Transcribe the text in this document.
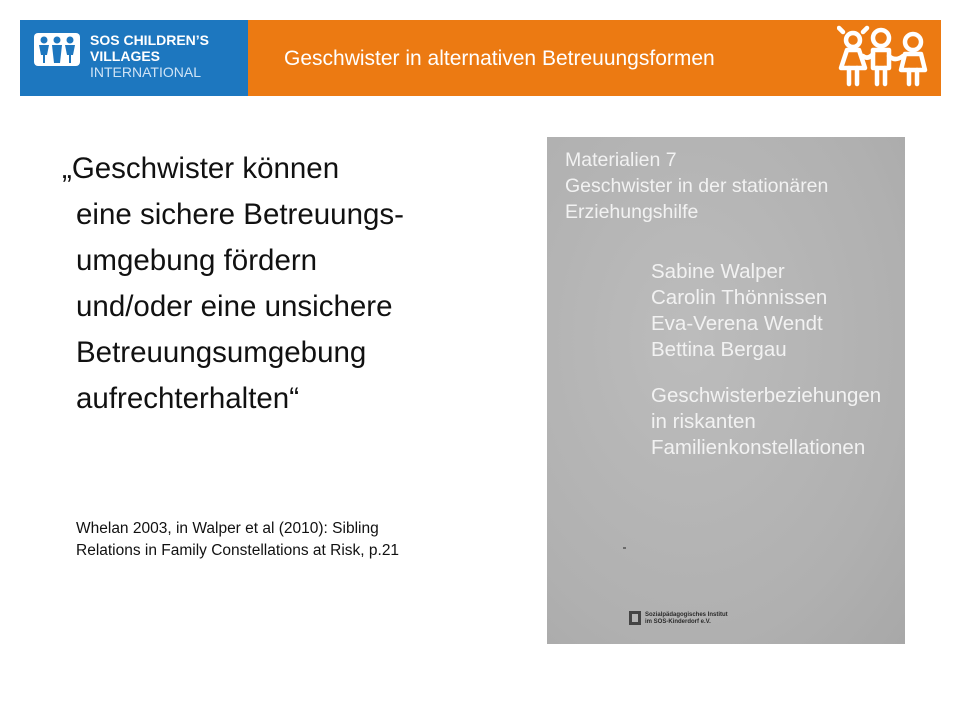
SOS CHILDREN’S
VILLAGES
INTERNATIONAL
Geschwister in alternativen Betreuungsformen
„Geschwister können
eine sichere Betreuungs-
umgebung fördern
und/oder eine unsichere
Betreuungsumgebung
aufrechterhalten“
Whelan 2003, in Walper et al (2010): Sibling
Relations in Family Constellations at Risk, p.21
Materialien 7
Geschwister in der stationären
Erziehungshilfe
Sabine Walper
Carolin Thönnissen
Eva-Verena Wendt
Bettina Bergau
Geschwisterbeziehungen
in riskanten
Familienkonstellationen
Sozialpädagogisches Institut
im SOS-Kinderdorf e.V.
